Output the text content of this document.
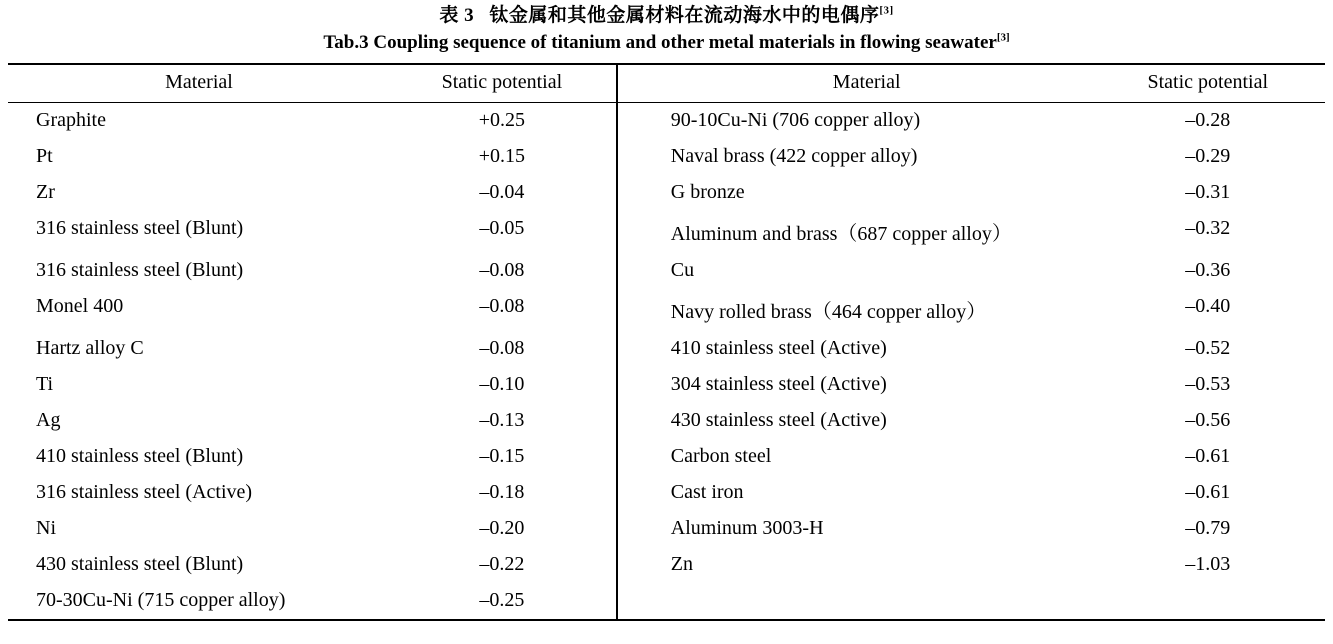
表 3  钛金属和其他金属材料在流动海水中的电偶序[3]
Tab.3 Coupling sequence of titanium and other metal materials in flowing seawater[3]
Material	Static potential		Material	Static potential
Graphite	+0.25		90-10Cu-Ni (706 copper alloy)	–0.28
Pt	+0.15		Naval brass (422 copper alloy)	–0.29
Zr	–0.04		G bronze	–0.31
316 stainless steel (Blunt)	–0.05		Aluminum and brass（687 copper alloy）	–0.32
316 stainless steel (Blunt)	–0.08		Cu	–0.36
Monel 400	–0.08		Navy rolled brass（464 copper alloy）	–0.40
Hartz alloy C	–0.08		410 stainless steel (Active)	–0.52
Ti	–0.10		304 stainless steel (Active)	–0.53
Ag	–0.13		430 stainless steel (Active)	–0.56
410 stainless steel (Blunt)	–0.15		Carbon steel	–0.61
316 stainless steel (Active)	–0.18		Cast iron	–0.61
Ni	–0.20		Aluminum 3003-H	–0.79
430 stainless steel (Blunt)	–0.22		Zn	–1.03
70-30Cu-Ni (715 copper alloy)	–0.25			
